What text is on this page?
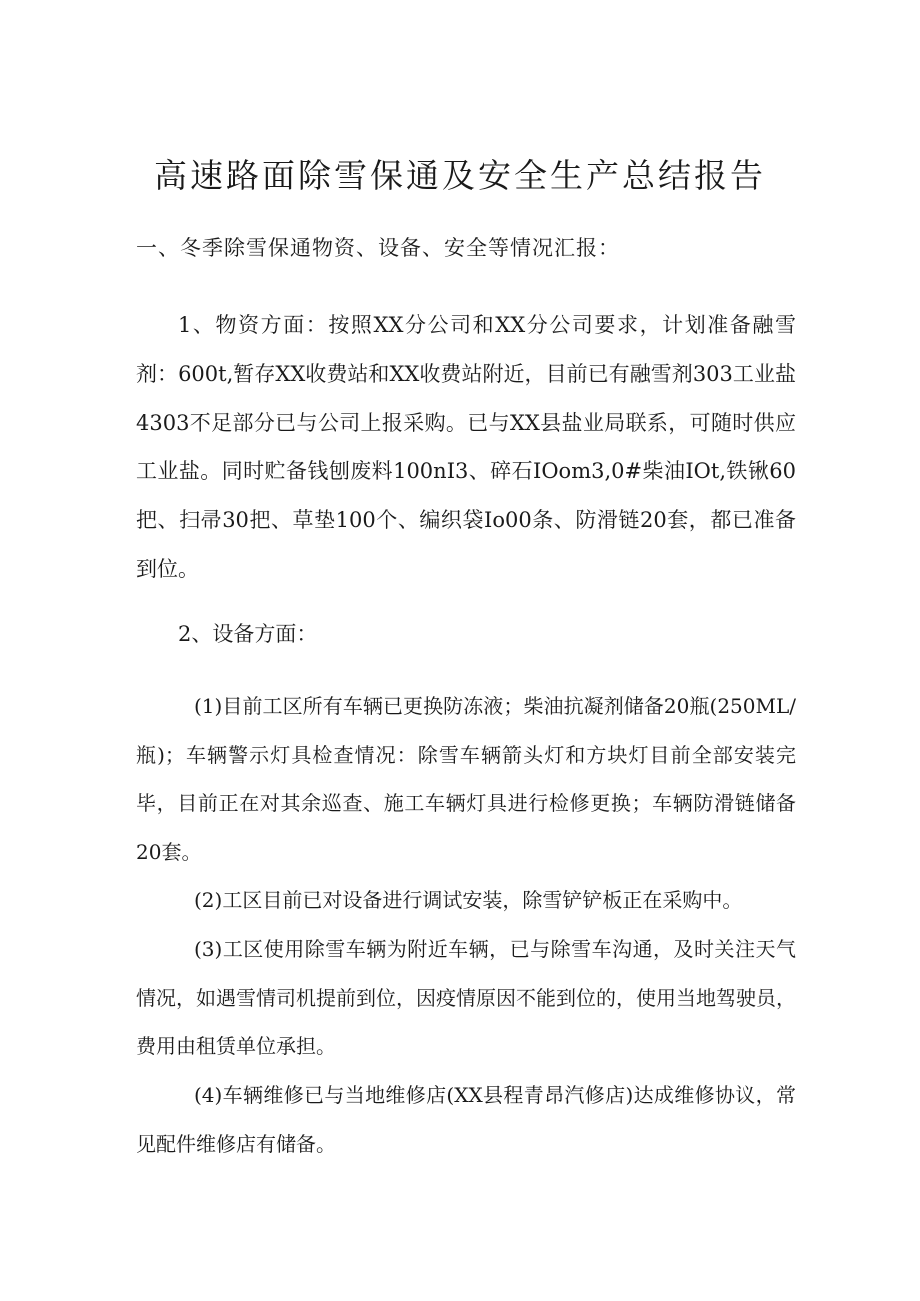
高速路面除雪保通及安全生产总结报告
一、冬季除雪保通物资、设备、安全等情况汇报：

1、物资方面：按照XX分公司和XX分公司要求，计划准备融雪剂：600t,暂存XX收费站和XX收费站附近，目前已有融雪剂303工业盐4303不足部分已与公司上报采购。已与XX县盐业局联系，可随时供应工业盐。同时贮备钱刨废料100nI3、碎石IOom3,0#柴油IOt,铁锹60把、扫帚30把、草垫100个、编织袋Io00条、防滑链20套，都已准备到位。

2、设备方面：

(1)目前工区所有车辆已更换防冻液；柴油抗凝剂储备20瓶(250ML/瓶)；车辆警示灯具检查情况：除雪车辆箭头灯和方块灯目前全部安装完毕，目前正在对其余巡查、施工车辆灯具进行检修更换；车辆防滑链储备20套。

(2)工区目前已对设备进行调试安装，除雪铲铲板正在采购中。

(3)工区使用除雪车辆为附近车辆，已与除雪车沟通，及时关注天气情况，如遇雪情司机提前到位，因疫情原因不能到位的，使用当地驾驶员，费用由租赁单位承担。

(4)车辆维修已与当地维修店(XX县程青昂汽修店)达成维修协议，常见配件维修店有储备。
